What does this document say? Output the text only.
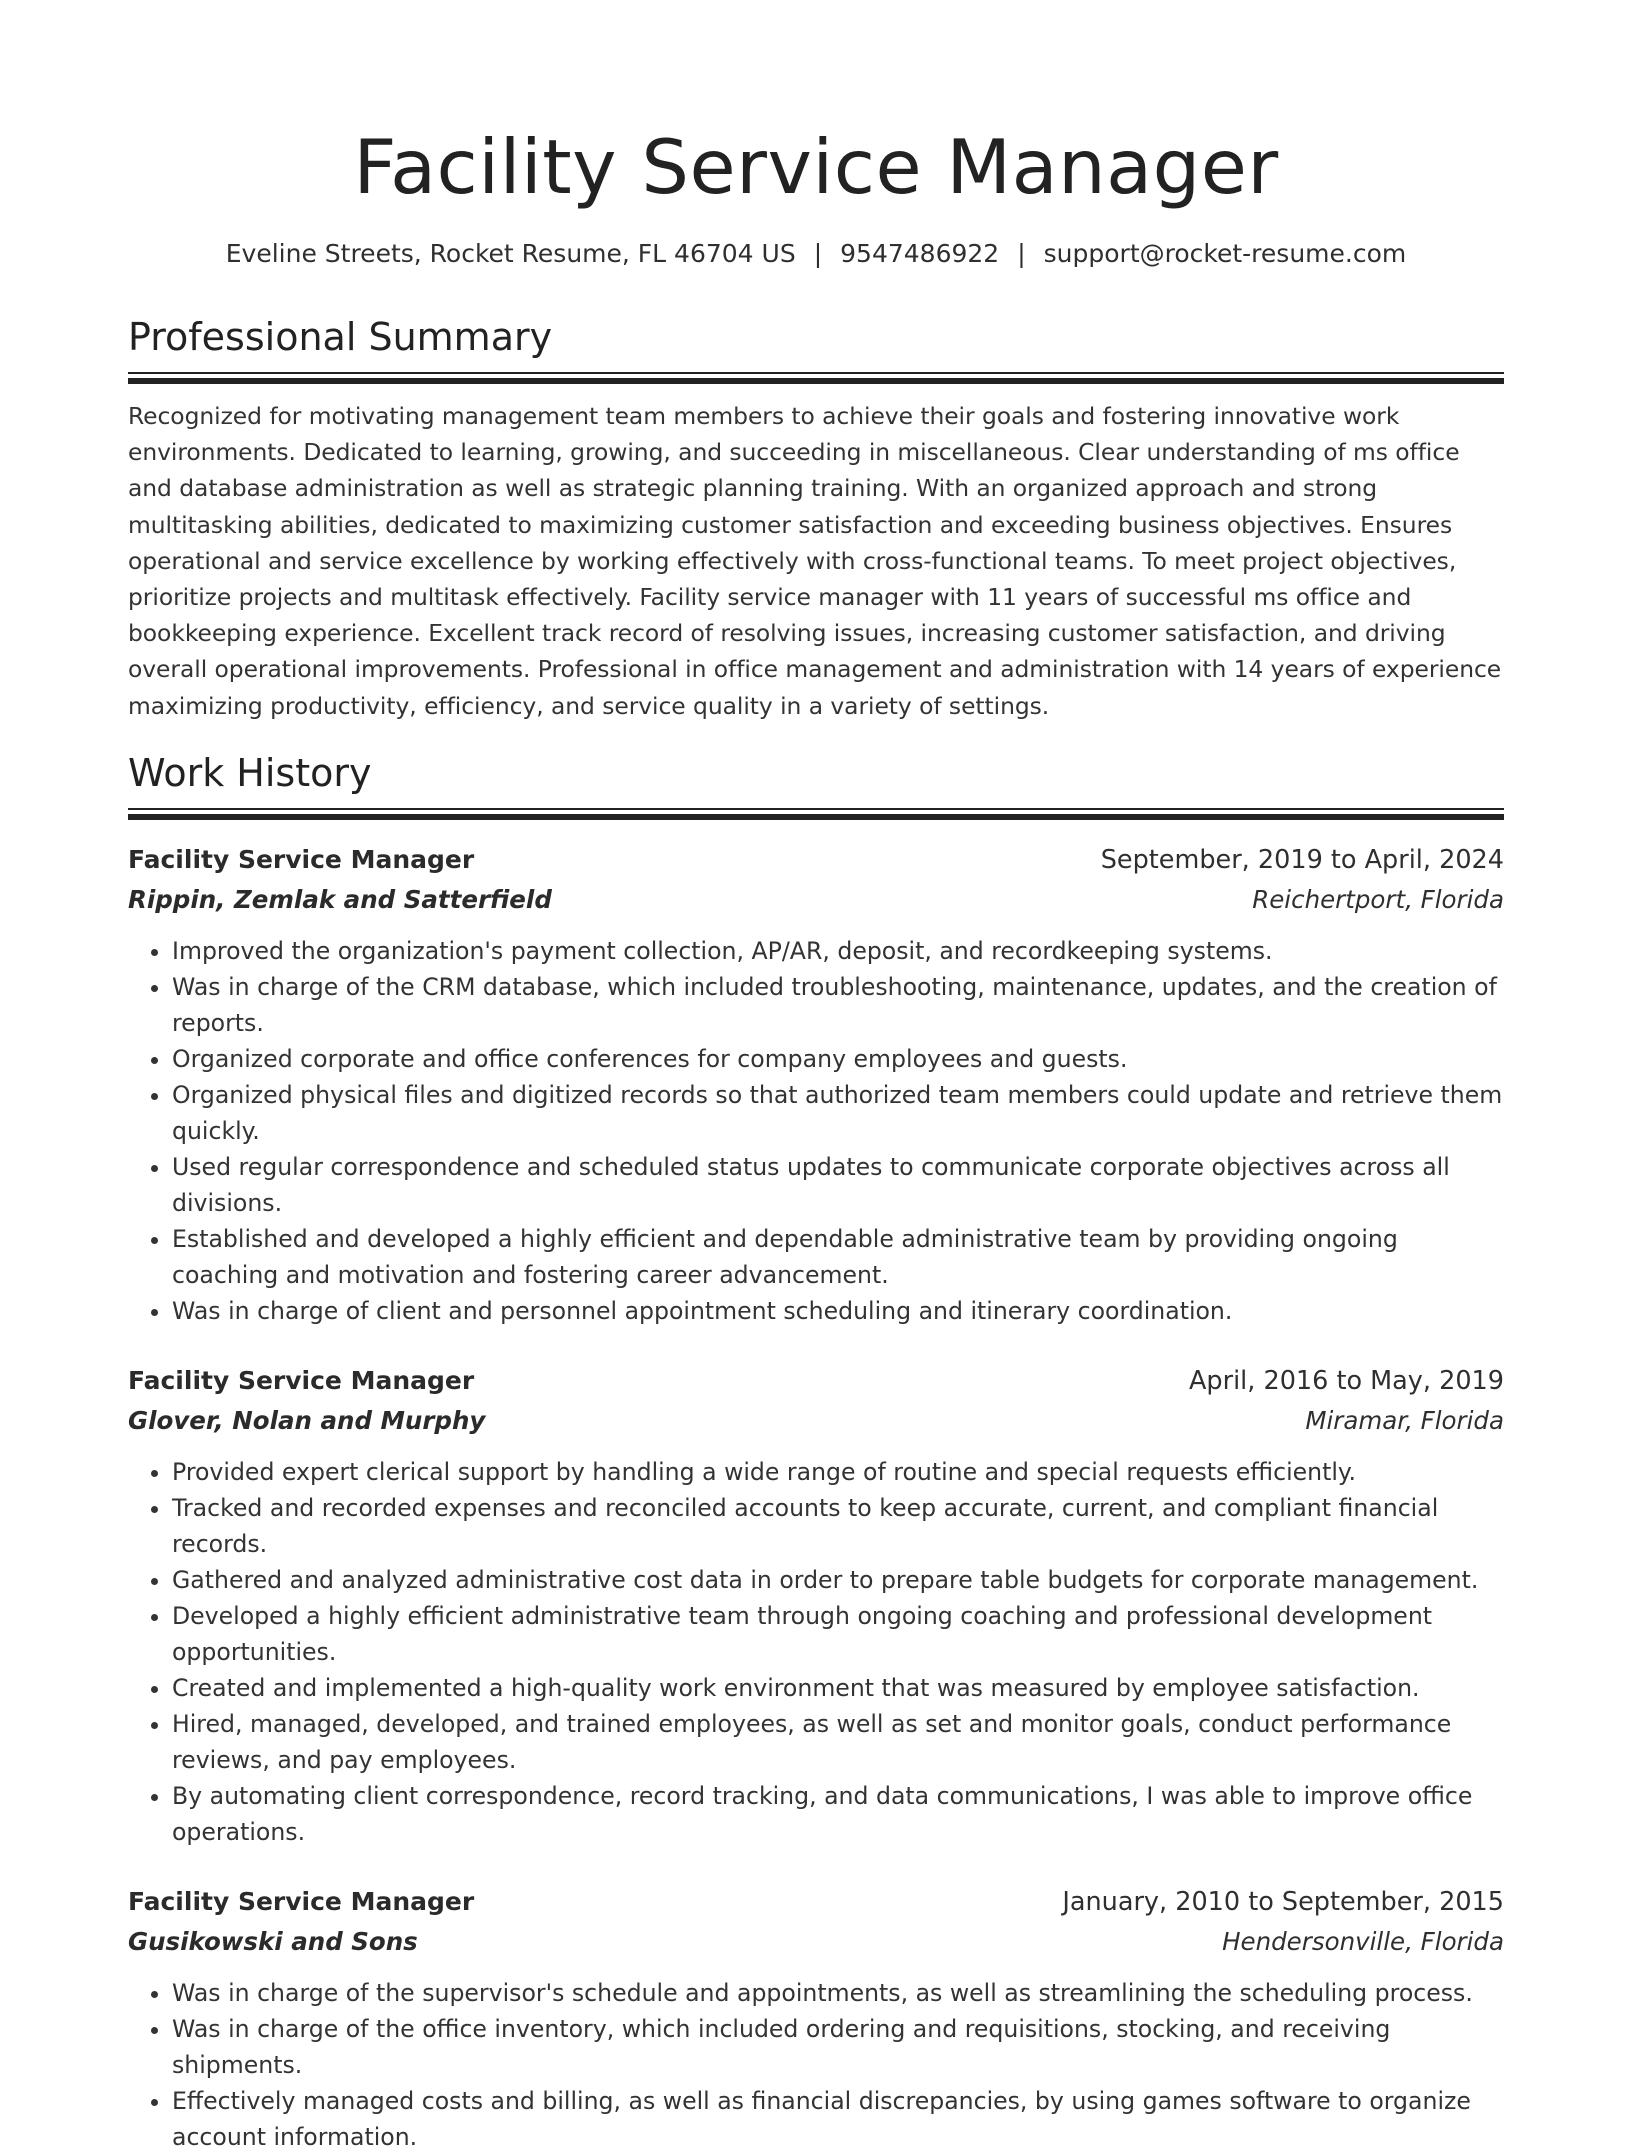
Facility Service Manager
Eveline Streets, Rocket Resume, FL 46704 US | 9547486922 | support@rocket-resume.com
Professional Summary

Recognized for motivating management team members to achieve their goals and fostering innovative work environments. Dedicated to learning, growing, and succeeding in miscellaneous. Clear understanding of ms office and database administration as well as strategic planning training. With an organized approach and strong multitasking abilities, dedicated to maximizing customer satisfaction and exceeding business objectives. Ensures operational and service excellence by working effectively with cross-functional teams. To meet project objectives, prioritize projects and multitask effectively. Facility service manager with 11 years of successful ms office and bookkeeping experience. Excellent track record of resolving issues, increasing customer satisfaction, and driving overall operational improvements. Professional in office management and administration with 14 years of experience maximizing productivity, efficiency, and service quality in a variety of settings.

Work History
Facility Service Manager	September, 2019 to April, 2024
Rippin, Zemlak and Satterfield	Reichertport, Florida
• Improved the organization's payment collection, AP/AR, deposit, and recordkeeping systems.
• Was in charge of the CRM database, which included troubleshooting, maintenance, updates, and the creation of reports.
• Organized corporate and office conferences for company employees and guests.
• Organized physical files and digitized records so that authorized team members could update and retrieve them quickly.
• Used regular correspondence and scheduled status updates to communicate corporate objectives across all divisions.
• Established and developed a highly efficient and dependable administrative team by providing ongoing coaching and motivation and fostering career advancement.
• Was in charge of client and personnel appointment scheduling and itinerary coordination.
Facility Service Manager	April, 2016 to May, 2019
Glover, Nolan and Murphy	Miramar, Florida
• Provided expert clerical support by handling a wide range of routine and special requests efficiently.
• Tracked and recorded expenses and reconciled accounts to keep accurate, current, and compliant financial records.
• Gathered and analyzed administrative cost data in order to prepare table budgets for corporate management.
• Developed a highly efficient administrative team through ongoing coaching and professional development opportunities.
• Created and implemented a high-quality work environment that was measured by employee satisfaction.
• Hired, managed, developed, and trained employees, as well as set and monitor goals, conduct performance reviews, and pay employees.
• By automating client correspondence, record tracking, and data communications, I was able to improve office operations.
Facility Service Manager	January, 2010 to September, 2015
Gusikowski and Sons	Hendersonville, Florida
• Was in charge of the supervisor's schedule and appointments, as well as streamlining the scheduling process.
• Was in charge of the office inventory, which included ordering and requisitions, stocking, and receiving shipments.
• Effectively managed costs and billing, as well as financial discrepancies, by using games software to organize account information.
